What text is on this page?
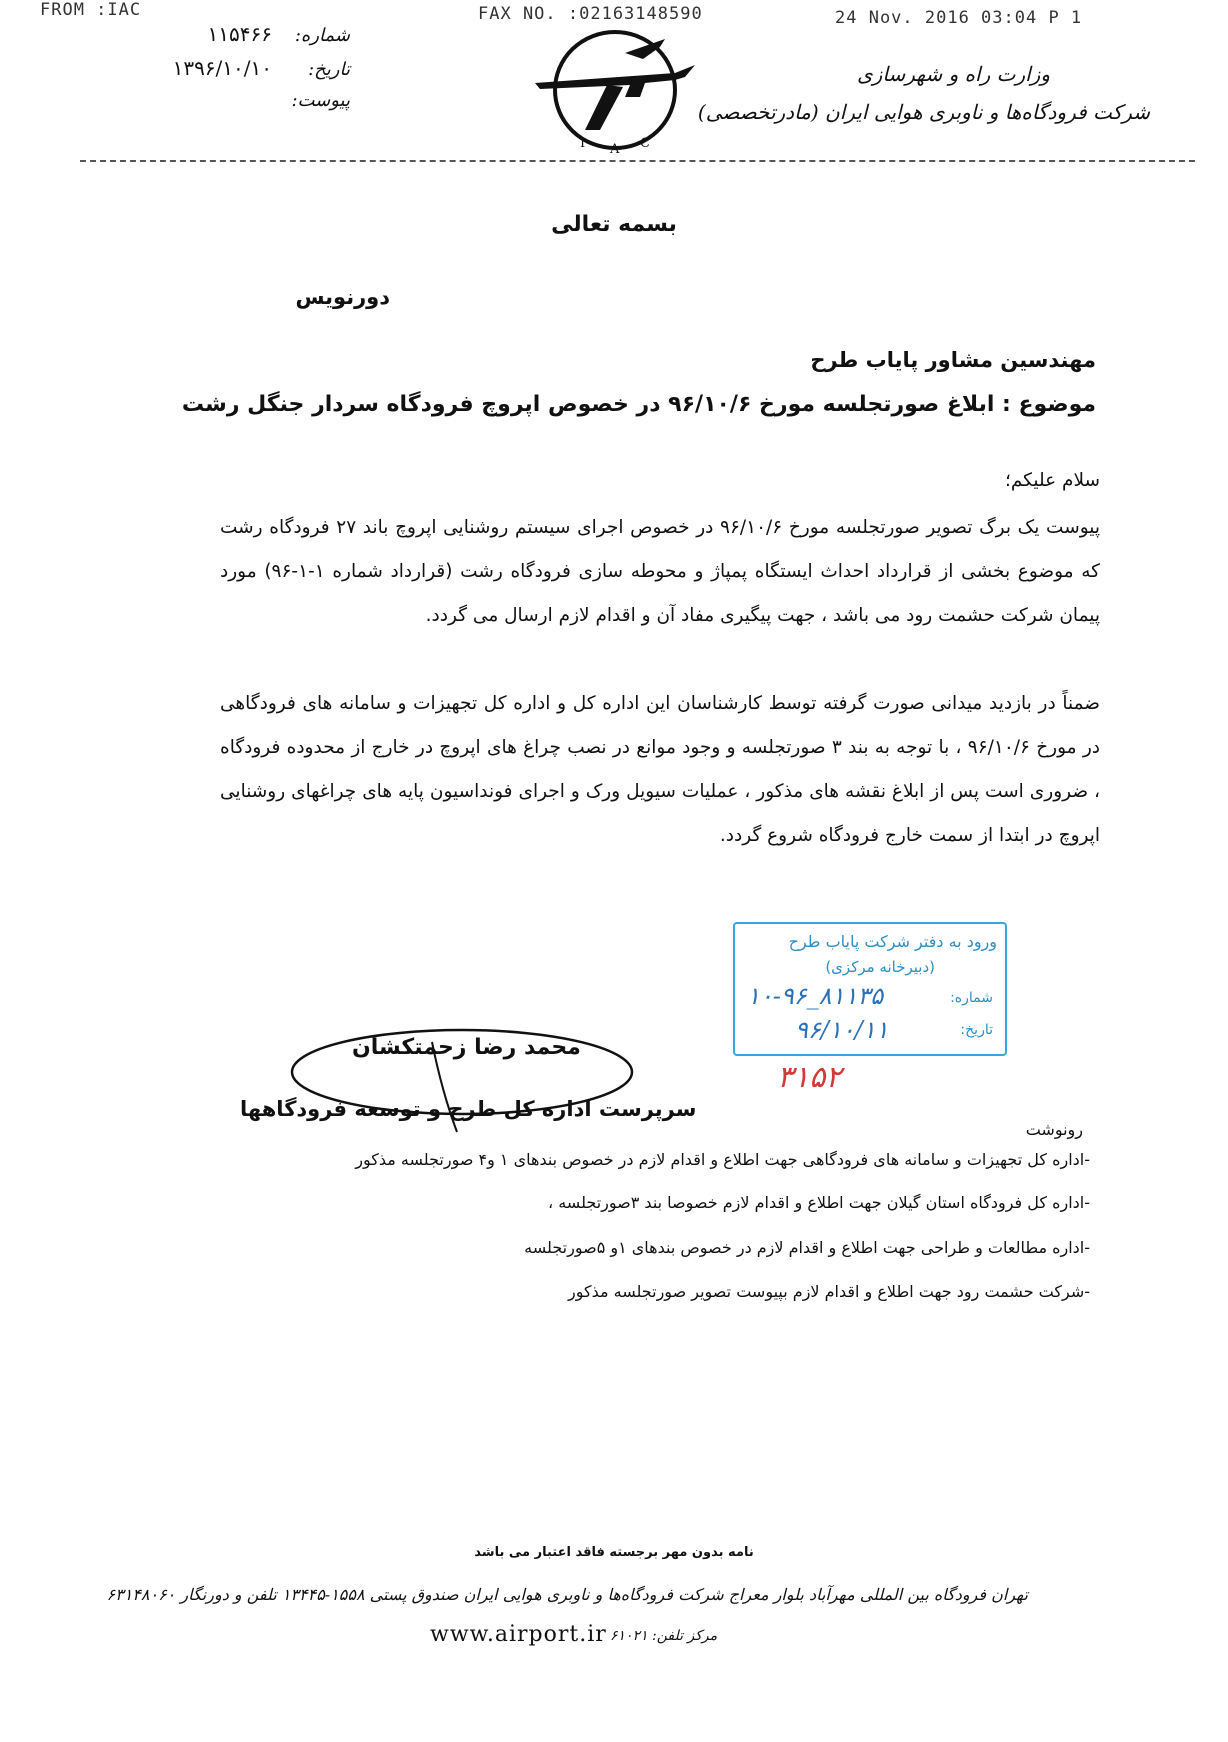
FROM :IAC	FAX NO. :02163148590	24 Nov. 2016 03:04 P 1
شماره:
۱۱۵۴۶۶
تاریخ:
۱۳۹۶/۱۰/۱۰
پیوست:
I A C
وزارت راه و شهرسازی
شرکت فرودگاه‌ها و ناوبری هوایی ایران (مادرتخصصی)
بسمه تعالی
دورنویس
مهندسین مشاور پایاب طرح
موضوع : ابلاغ صورتجلسه مورخ ۹۶/۱۰/۶ در خصوص اپروچ فرودگاه سردار جنگل رشت
سلام علیکم؛
پیوست یک برگ تصویر صورتجلسه مورخ ۹۶/۱۰/۶ در خصوص اجرای سیستم روشنایی اپروچ باند ۲۷ فرودگاه رشت که موضوع بخشی از قرارداد احداث ایستگاه پمپاژ و محوطه سازی فرودگاه رشت (قرارداد شماره ۱-۱-۹۶) مورد پیمان شرکت حشمت رود می باشد ، جهت پیگیری مفاد آن و اقدام لازم ارسال می گردد.
ضمناً در بازدید میدانی صورت گرفته توسط کارشناسان این اداره کل و اداره کل تجهیزات و سامانه های فرودگاهی در مورخ ۹۶/۱۰/۶ ، با توجه به بند ۳ صورتجلسه و وجود موانع در نصب چراغ های اپروچ در خارج از محدوده فرودگاه ، ضروری است پس از ابلاغ نقشه های مذکور ، عملیات سیویل ورک و اجرای فونداسیون پایه های چراغهای روشنایی اپروچ در ابتدا از سمت خارج فرودگاه شروع گردد.
ورود به دفتر شرکت پایاب طرح
(دبیرخانه مرکزی)
شماره:
تاریخ:
۱۰-۹۶_۸۱۱۳۵
۹۶/۱۰/۱۱
۳۱۵۲
محمد رضا زحمتکشان
سرپرست اداره کل طرح و توسعه فرودگاهها
رونوشت
-اداره کل تجهیزات و سامانه های فرودگاهی جهت اطلاع و اقدام لازم در خصوص بندهای ۱ و۴ صورتجلسه مذکور
-اداره کل فرودگاه استان گیلان جهت اطلاع و اقدام لازم خصوصا بند ۳صورتجلسه ،
-اداره مطالعات و طراحی جهت اطلاع و اقدام لازم در خصوص بندهای ۱و ۵صورتجلسه
-شرکت حشمت رود جهت اطلاع و اقدام لازم بپیوست تصویر صورتجلسه مذکور
نامه بدون مهر برجسته فاقد اعتبار می باشد
تهران فرودگاه بین المللی مهرآباد بلوار معراج شرکت فرودگاه‌ها و ناوبری هوایی ایران صندوق پستی ۱۵۵۸-۱۳۴۴۵ تلفن و دورنگار ۶۳۱۴۸۰۶۰
www.airport.ir مرکز تلفن: ۶۱۰۲۱
